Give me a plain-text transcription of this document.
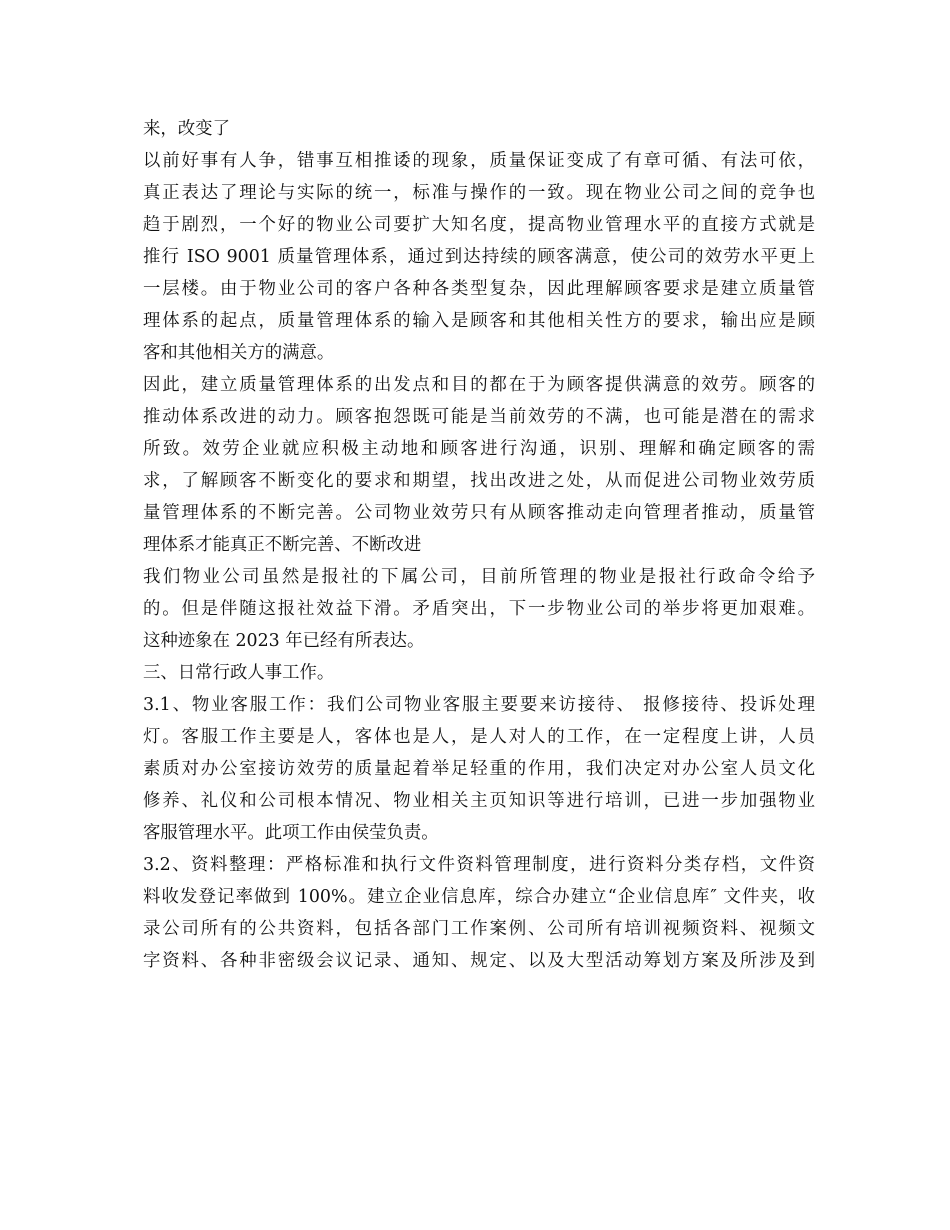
来，改变了
以前好事有人争，错事互相推诿的现象，质量保证变成了有章可循、有法可依，
真正表达了理论与实际的统一，标准与操作的一致。现在物业公司之间的竞争也
趋于剧烈，一个好的物业公司要扩大知名度，提高物业管理水平的直接方式就是
推行 ISO 9001 质量管理体系，通过到达持续的顾客满意，使公司的效劳水平更上
一层楼。由于物业公司的客户各种各类型复杂，因此理解顾客要求是建立质量管
理体系的起点，质量管理体系的输入是顾客和其他相关性方的要求，输出应是顾
客和其他相关方的满意。
因此，建立质量管理体系的出发点和目的都在于为顾客提供满意的效劳。顾客的
推动体系改进的动力。顾客抱怨既可能是当前效劳的不满，也可能是潜在的需求
所致。效劳企业就应积极主动地和顾客进行沟通，识别、理解和确定顾客的需
求，了解顾客不断变化的要求和期望，找出改进之处，从而促进公司物业效劳质
量管理体系的不断完善。公司物业效劳只有从顾客推动走向管理者推动，质量管
理体系才能真正不断完善、不断改进
我们物业公司虽然是报社的下属公司，目前所管理的物业是报社行政命令给予
的。但是伴随这报社效益下滑。矛盾突出，下一步物业公司的举步将更加艰难。
这种迹象在 2023 年已经有所表达。
三、日常行政人事工作。
3.1、物业客服工作：我们公司物业客服主要要来访接待、 报修接待、投诉处理
灯。客服工作主要是人，客体也是人，是人对人的工作，在一定程度上讲，人员
素质对办公室接访效劳的质量起着举足轻重的作用，我们决定对办公室人员文化
修养、礼仪和公司根本情况、物业相关主页知识等进行培训，已进一步加强物业
客服管理水平。此项工作由侯莹负责。
3.2、资料整理：严格标准和执行文件资料管理制度，进行资料分类存档，文件资
料收发登记率做到 100%。建立企业信息库，综合办建立“企业信息库″ 文件夹，收
录公司所有的公共资料，包括各部门工作案例、公司所有培训视频资料、视频文
字资料、各种非密级会议记录、通知、规定、以及大型活动筹划方案及所涉及到
